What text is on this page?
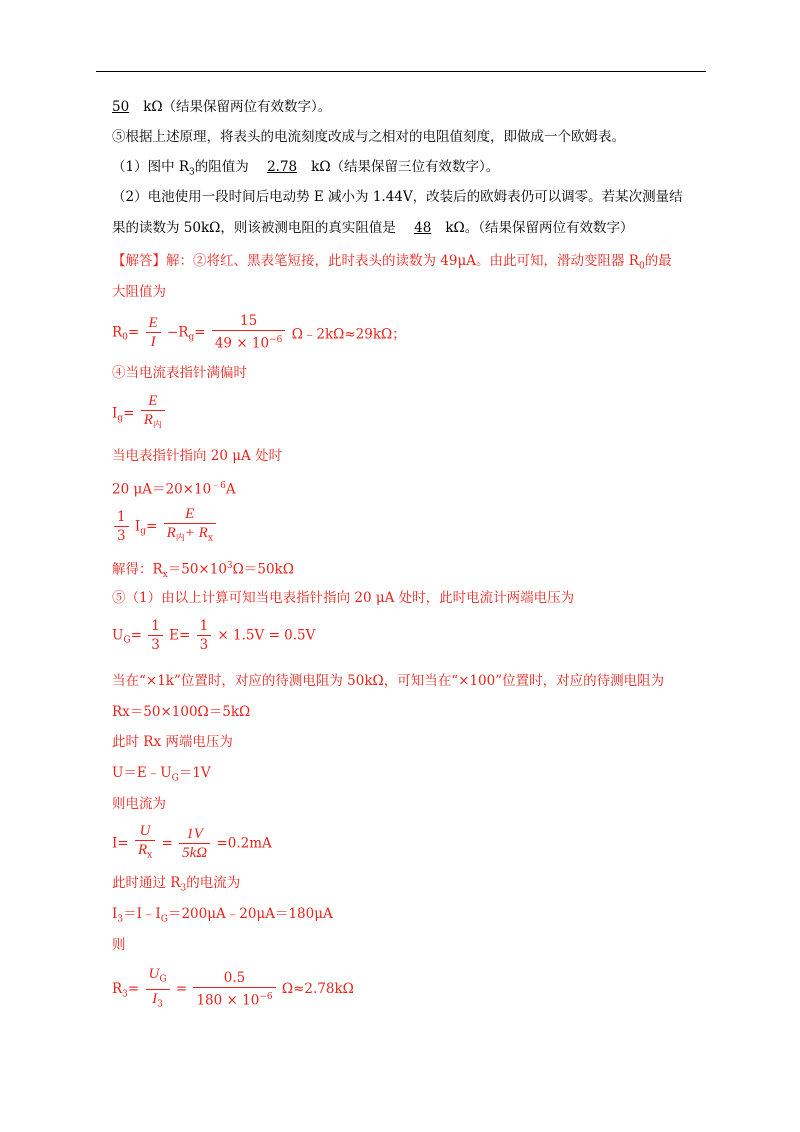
50 kΩ（结果保留两位有效数字）。
⑤根据上述原理，将表头的电流刻度改成与之相对的电阻值刻度，即做成一个欧姆表。
（1）图中 $R_3$的阻值为 2.78 kΩ（结果保留三位有效数字）。
（2）电池使用一段时间后电动势 E 减小为 1.44V，改装后的欧姆表仍可以调零。若某次测量结
果的读数为 50kΩ，则该被测电阻的真实阻值是 48 kΩ。（结果保留两位有效数字）
【解答】解：②将红、黑表笔短接，此时表头的读数为 49μA。由此可知，滑动变阻器 $R_0$的最
大阻值为
$R_0= \frac{E}{I} -R_g= \frac{15}{49 \times 10^{-6}}$ Ω﹣2kΩ≈29kΩ；
④当电流表指针满偏时
$I_g= \frac{E}{R_内}$
当电表指针指向 20 μA 处时
20 $\mu A=20\times 10^{﹣6}A$
$\frac{1}{3} I_g= \frac{E}{R_内+ R_x}$
解得：$R_x=50\times 10^3\Omega=50k\Omega$
⑤（1）由以上计算可知当电表指针指向 20 μA 处时，此时电流计两端电压为
$U_G= \frac{1}{3} E= \frac{1}{3} \times 1.5V = 0.5V$
当在“×1k”位置时，对应的待测电阻为 50kΩ，可知当在“×100”位置时，对应的待测电阻为
Rx＝50×100Ω＝5kΩ
此时 Rx 两端电压为
$U=E﹣U_G=1V$
则电流为
$I= \frac{U}{R_x} = \frac{1V}{5k\Omega} =0.2mA$
此时通过 $R_3$的电流为
$I_3=I﹣I_G=200\mu A﹣20\mu A=180\mu A$
则
$R_3= \frac{U_G}{I_3} = \frac{0.5}{180 \times 10^{-6}} \Omega\approx 2.78k\Omega$
